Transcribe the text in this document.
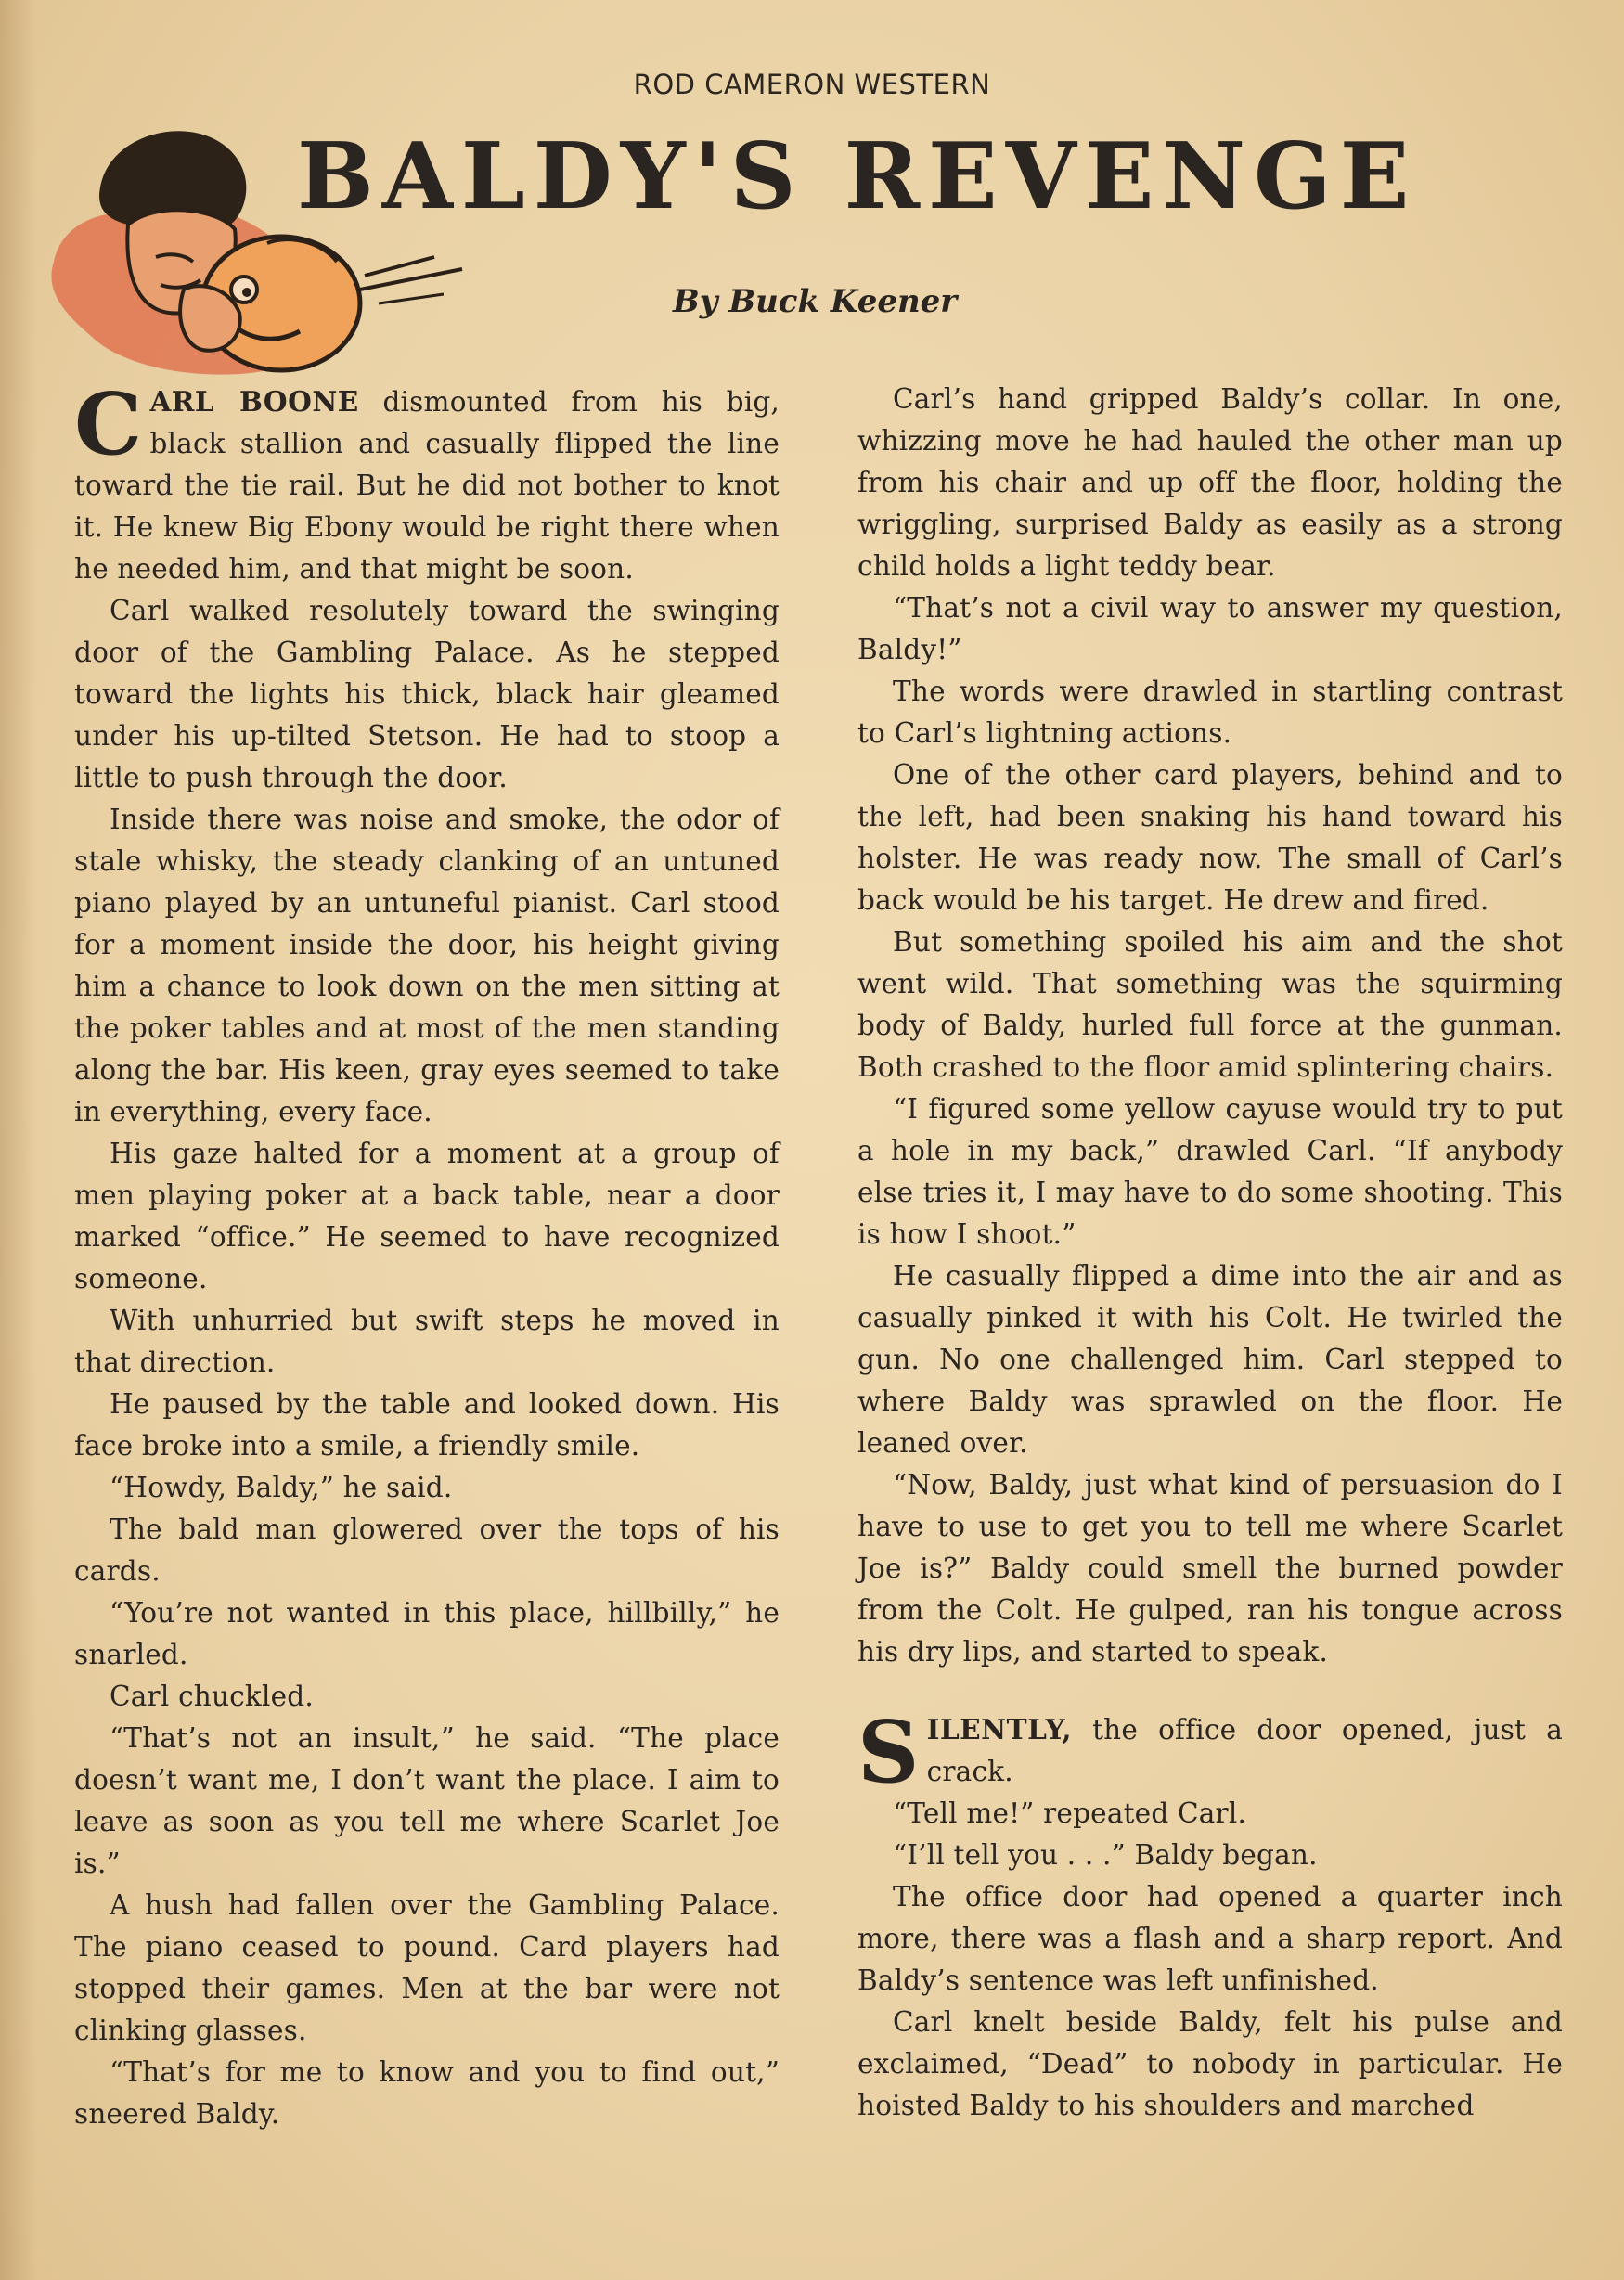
ROD CAMERON WESTERN
BALDY'S REVENGE
By Buck Keener

CARL BOONE dismounted from his big, black stallion and casually flipped the line toward the tie rail. But he did not bother to knot it. He knew Big Ebony would be right there when he needed him, and that might be soon.

Carl walked resolutely toward the swinging door of the Gambling Palace. As he stepped toward the lights his thick, black hair gleamed under his up-tilted Stetson. He had to stoop a little to push through the door.

Inside there was noise and smoke, the odor of stale whisky, the steady clanking of an untuned piano played by an untuneful pianist. Carl stood for a moment inside the door, his height giving him a chance to look down on the men sitting at the poker tables and at most of the men standing along the bar. His keen, gray eyes seemed to take in everything, every face.

His gaze halted for a moment at a group of men playing poker at a back table, near a door marked “office.” He seemed to have recognized someone.

With unhurried but swift steps he moved in that direction.

He paused by the table and looked down. His face broke into a smile, a friendly smile.

“Howdy, Baldy,” he said.

The bald man glowered over the tops of his cards.

“You’re not wanted in this place, hillbilly,” he snarled.

Carl chuckled.

“That’s not an insult,” he said. “The place doesn’t want me, I don’t want the place. I aim to leave as soon as you tell me where Scarlet Joe is.”

A hush had fallen over the Gambling Palace. The piano ceased to pound. Card players had stopped their games. Men at the bar were not clinking glasses.

“That’s for me to know and you to find out,” sneered Baldy.

Carl’s hand gripped Baldy’s collar. In one, whizzing move he had hauled the other man up from his chair and up off the floor, holding the wriggling, surprised Baldy as easily as a strong child holds a light teddy bear.

“That’s not a civil way to answer my question, Baldy!”

The words were drawled in startling contrast to Carl’s lightning actions.

One of the other card players, behind and to the left, had been snaking his hand toward his holster. He was ready now. The small of Carl’s back would be his target. He drew and fired.

But something spoiled his aim and the shot went wild. That something was the squirming body of Baldy, hurled full force at the gunman. Both crashed to the floor amid splintering chairs.

“I figured some yellow cayuse would try to put a hole in my back,” drawled Carl. “If anybody else tries it, I may have to do some shooting. This is how I shoot.”

He casually flipped a dime into the air and as casually pinked it with his Colt. He twirled the gun. No one challenged him. Carl stepped to where Baldy was sprawled on the floor. He leaned over.

“Now, Baldy, just what kind of persuasion do I have to use to get you to tell me where Scarlet Joe is?” Baldy could smell the burned powder from the Colt. He gulped, ran his tongue across his dry lips, and started to speak.

SILENTLY, the office door opened, just a crack.

“Tell me!” repeated Carl.

“I’ll tell you . . .” Baldy began.

The office door had opened a quarter inch more, there was a flash and a sharp report. And Baldy’s sentence was left unfinished.

Carl knelt beside Baldy, felt his pulse and exclaimed, “Dead” to nobody in particular. He hoisted Baldy to his shoulders and marched
